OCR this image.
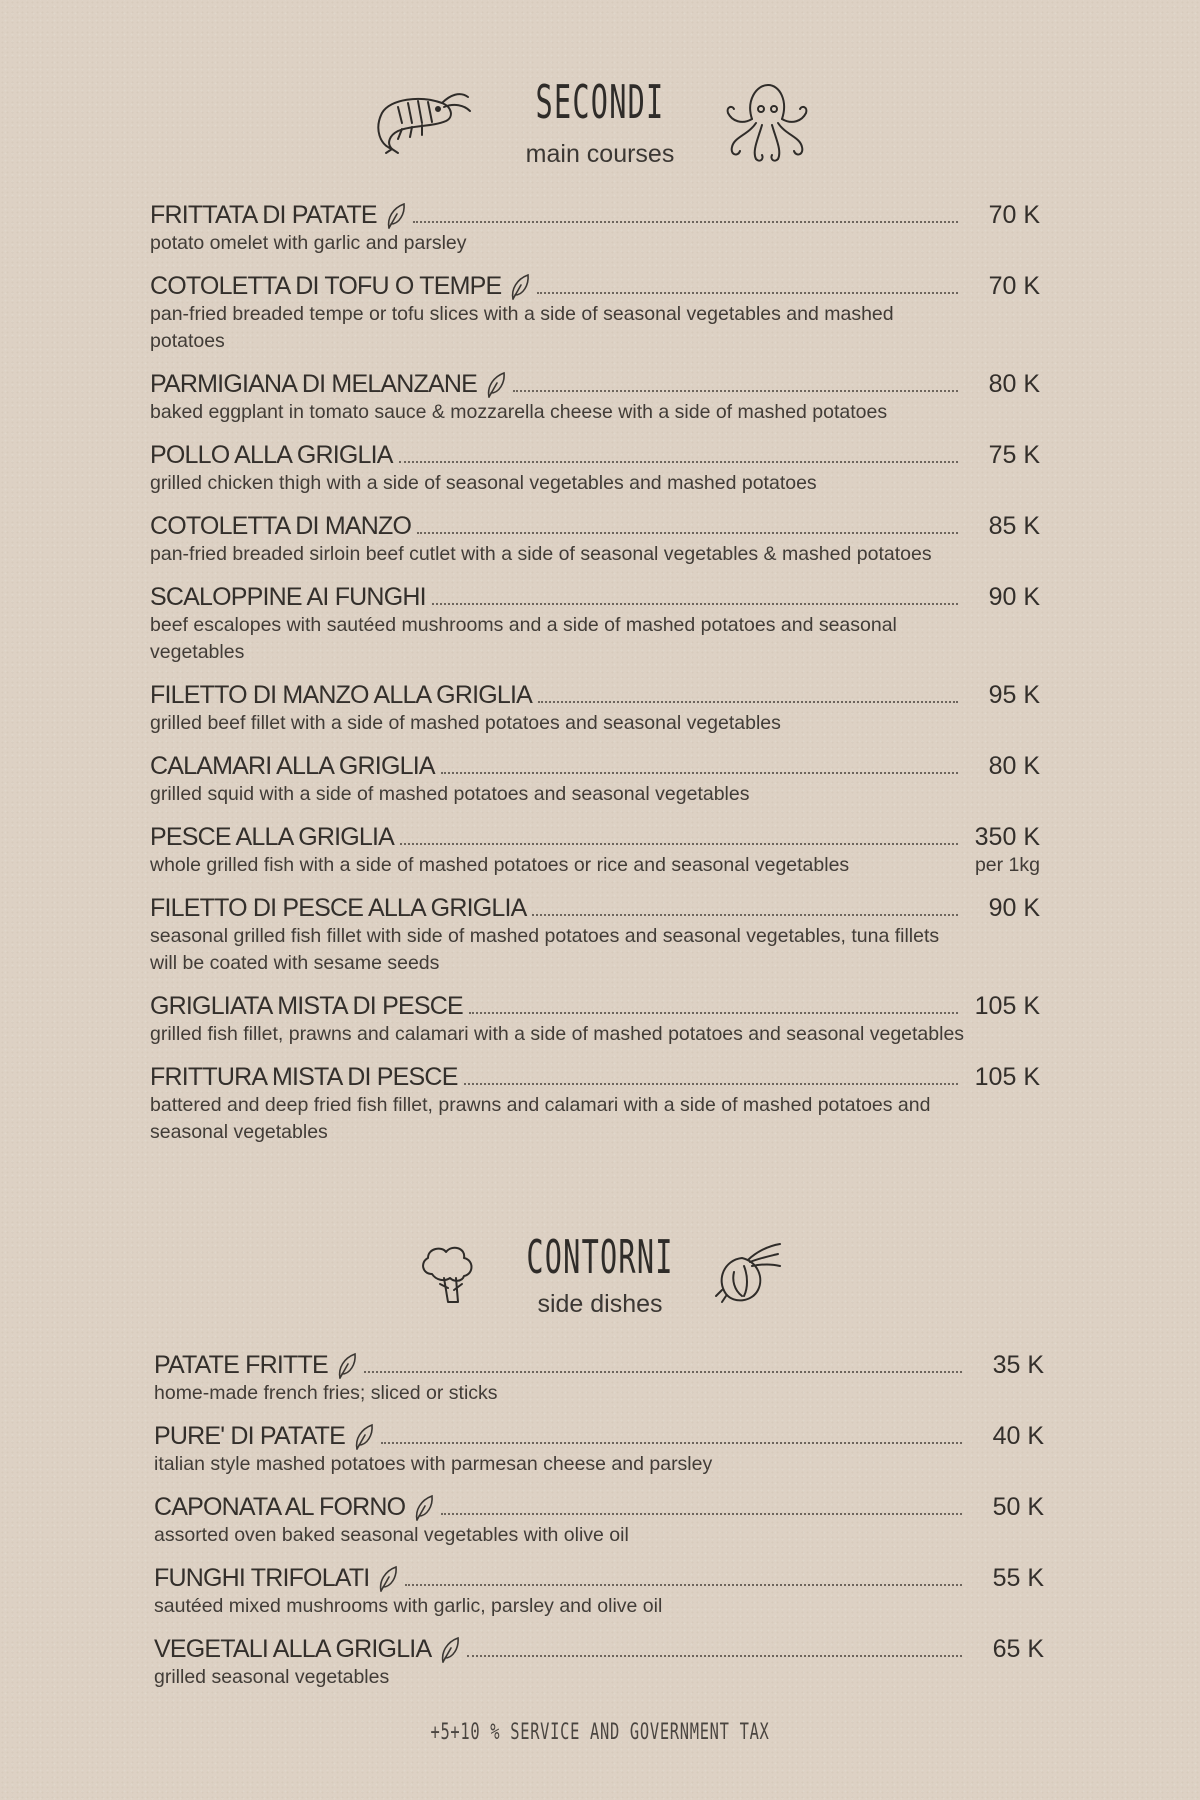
SECONDI
main courses
FRITTATA DI PATATE	70 K
potato omelet with garlic and parsley
COTOLETTA DI TOFU O TEMPE	70 K
pan-fried breaded tempe or tofu slices with a side of seasonal vegetables and mashed potatoes
PARMIGIANA DI MELANZANE	80 K
baked eggplant in tomato sauce & mozzarella cheese with a side of mashed potatoes
POLLO ALLA GRIGLIA	75 K
grilled chicken thigh with a side of seasonal vegetables and mashed potatoes
COTOLETTA DI MANZO	85 K
pan-fried breaded sirloin beef cutlet with a side of seasonal vegetables & mashed potatoes
SCALOPPINE AI FUNGHI	90 K
beef escalopes with sautéed mushrooms and a side of mashed potatoes and seasonal vegetables
FILETTO DI MANZO ALLA GRIGLIA	95 K
grilled beef fillet with a side of mashed potatoes and seasonal vegetables
CALAMARI ALLA GRIGLIA	80 K
grilled squid with a side of mashed potatoes and seasonal vegetables
PESCE ALLA GRIGLIA	350 K
whole grilled fish with a side of mashed potatoes or rice and seasonal vegetables	per 1kg
FILETTO DI PESCE ALLA GRIGLIA	90 K
seasonal grilled fish fillet with side of mashed potatoes and seasonal vegetables, tuna fillets will be coated with sesame seeds
GRIGLIATA MISTA DI PESCE	105 K
grilled fish fillet, prawns and calamari with a side of mashed potatoes and seasonal vegetables
FRITTURA MISTA DI PESCE	105 K
battered and deep fried fish fillet, prawns and calamari with a side of mashed potatoes and seasonal vegetables
CONTORNI
side dishes
PATATE FRITTE	35 K
home-made french fries; sliced or sticks
PURE' DI PATATE	40 K
italian style mashed potatoes with parmesan cheese and parsley
CAPONATA AL FORNO	50 K
assorted oven baked seasonal vegetables with olive oil
FUNGHI TRIFOLATI	55 K
sautéed mixed mushrooms with garlic, parsley and olive oil
VEGETALI ALLA GRIGLIA	65 K
grilled seasonal vegetables
+5+10 % SERVICE AND GOVERNMENT TAX
